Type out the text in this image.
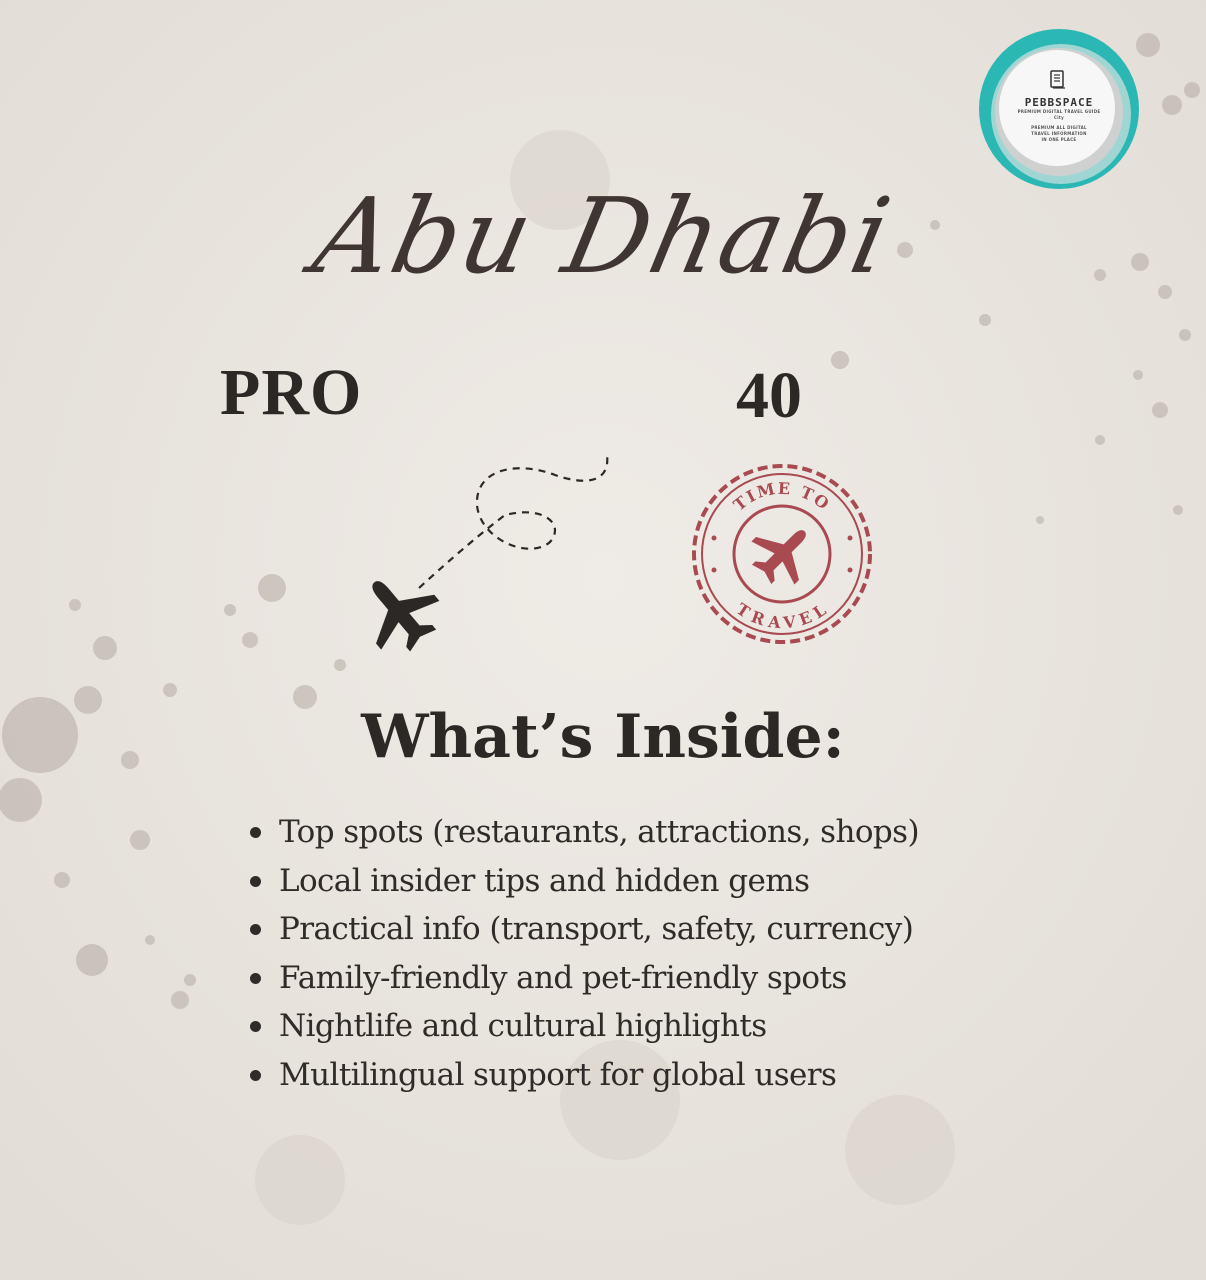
PEBBSPACE
PREMIUM DIGITAL TRAVEL GUIDE
City
PREMIUM ALL DIGITAL
TRAVEL INFORMATION
IN ONE PLACE
Abu Dhabi
PRO	40
TIME TO
TRAVEL
What’s Inside:
Top spots (restaurants, attractions, shops)
Local insider tips and hidden gems
Practical info (transport, safety, currency)
Family-friendly and pet-friendly spots
Nightlife and cultural highlights
Multilingual support for global users
